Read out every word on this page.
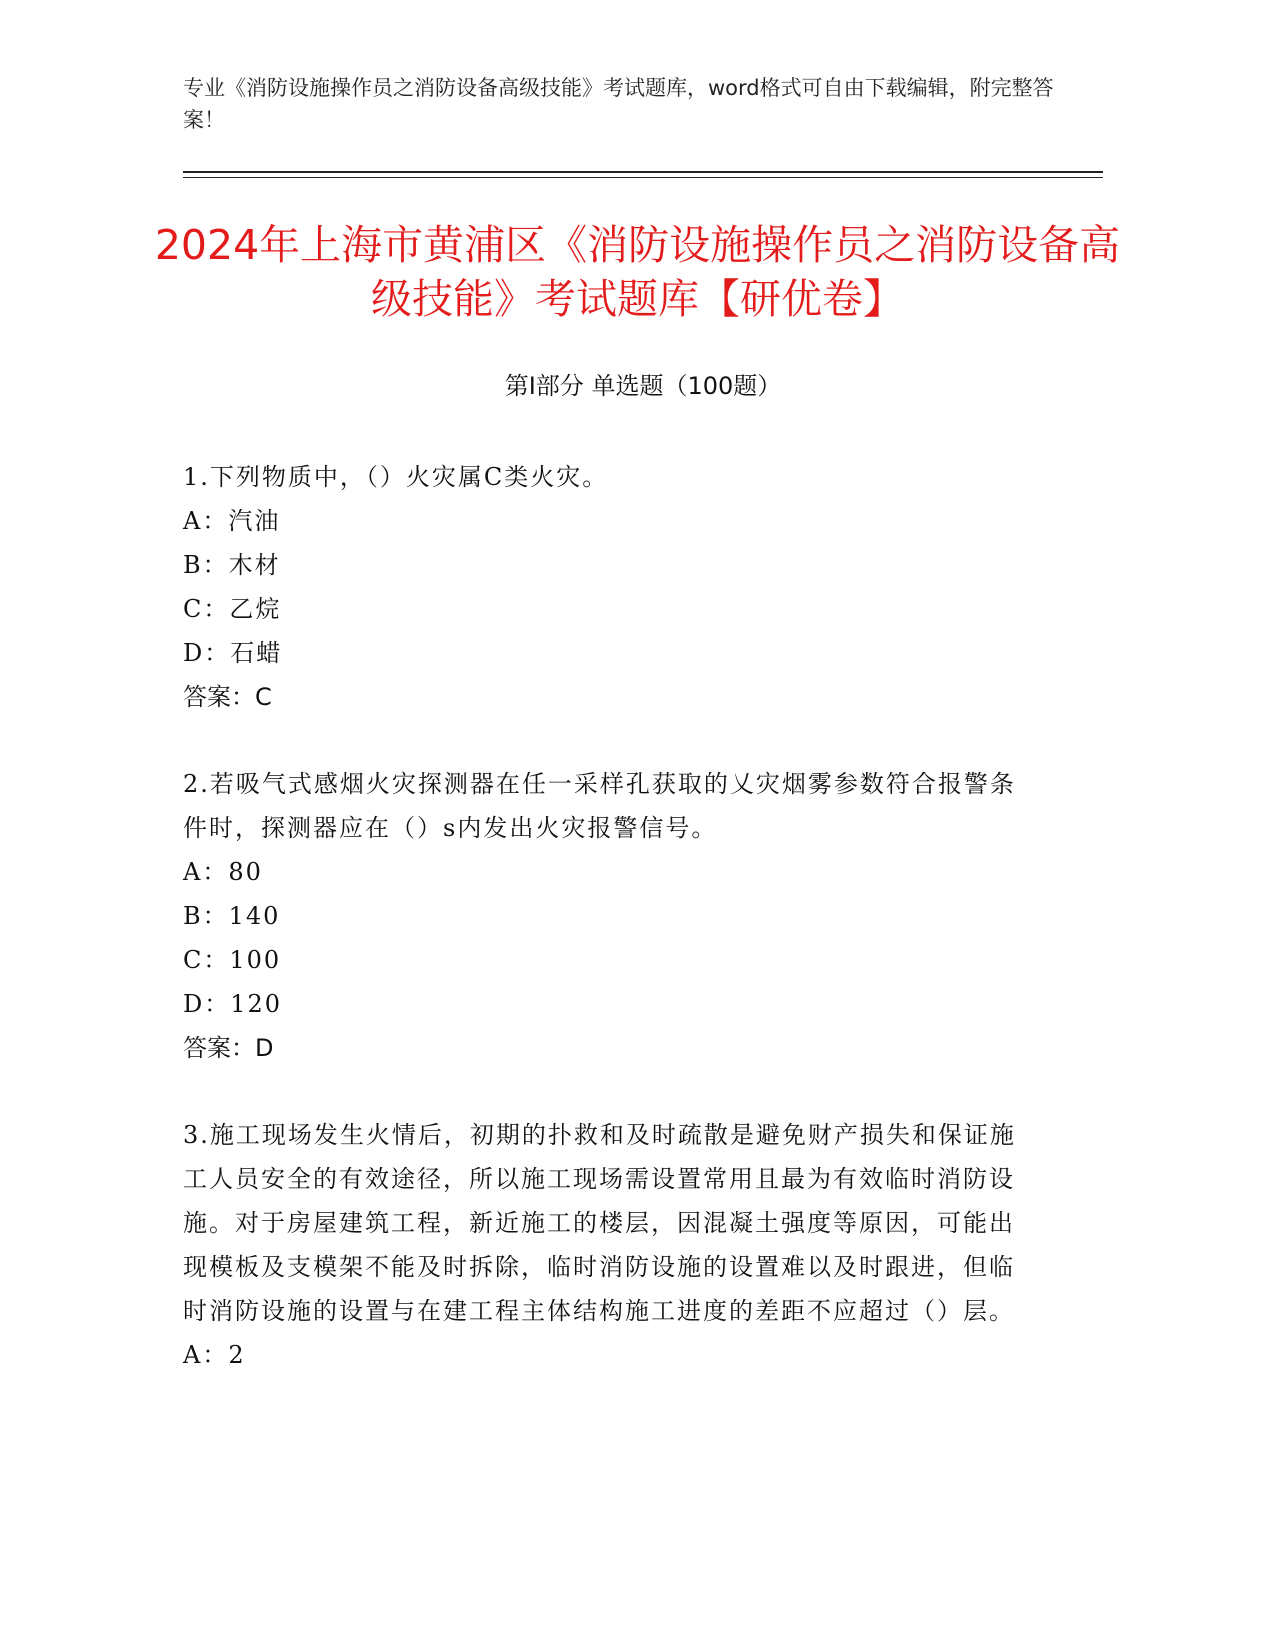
专业《消防设施操作员之消防设备高级技能》考试题库，word格式可自由下载编辑，附完整答案！
2024年上海市黄浦区《消防设施操作员之消防设备高级技能》考试题库【研优卷】
第Ⅰ部分 单选题（100题）
1.下列物质中，（）火灾属C类火灾。
A：汽油
B：木材
C：乙烷
D：石蜡
答案：C
2.若吸气式感烟火灾探测器在任一采样孔获取的乂灾烟雾参数符合报警条件时，探测器应在（）s内发出火灾报警信号。
A：80
B：140
C：100
D：120
答案：D
3.施工现场发生火情后，初期的扑救和及时疏散是避免财产损失和保证施工人员安全的有效途径，所以施工现场需设置常用且最为有效临时消防设施。对于房屋建筑工程，新近施工的楼层，因混凝土强度等原因，可能出现模板及支模架不能及时拆除，临时消防设施的设置难以及时跟进，但临时消防设施的设置与在建工程主体结构施工进度的差距不应超过（）层。
A：2
